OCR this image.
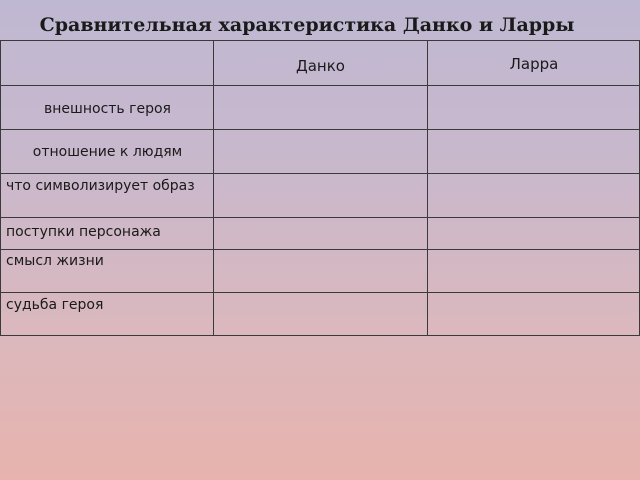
Сравнительная характеристика Данко и Ларры
Данко	Ларра
внешность героя
отношение к людям
что символизирует образ
поступки персонажа
смысл жизни
судьба героя
